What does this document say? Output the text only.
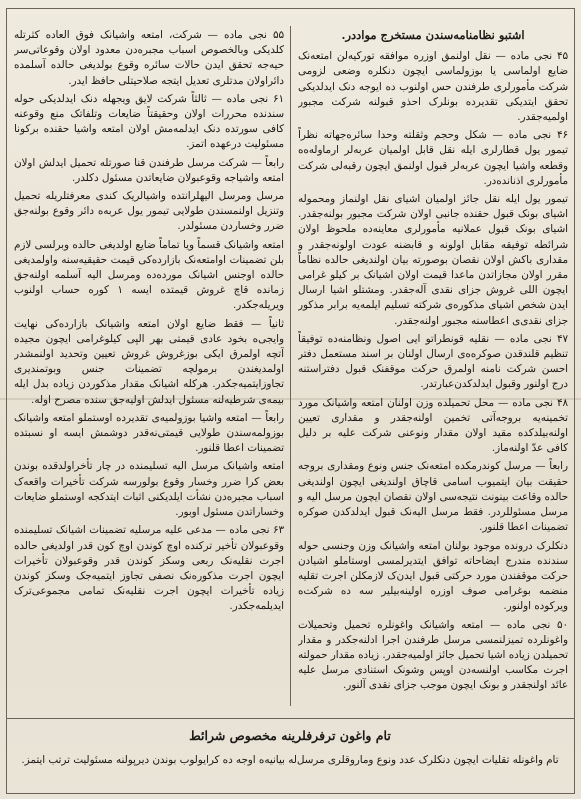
اشتبو نظامنامه‌سندن مستخرج موادد‌ر.

۴۵ نجی ماده — نقل اولنمق اوزره موافقه تورکیه‌لن امتعه‌نک ضایع اولماسی یا بوزولماسی ایچون دنکلره وضعی لزومی شرکت مأمورلری طرفندن حس اولنوب ده ایوجه دنک ایدلدیکی تحقق ایتدیکی تقدیرده بونلرک احذو قبولنه شرکت مجبور اولمیه‌جقدر.

۴۶ نجی ماده — شکل وحجم وثقلته وحدا سائره‌جهاته نظراً تیمور یول قطارلری ایله نقل قابل اولمیان عربه‌لر ارماوله‌ه‌ه وقطعه واشیا ایچون عربه‌لر قبول اولنمق ایچون رقبه‌لی شرکت مأمورلری اذنانده‌در.

تیمور یول ایله نقل جائز اولمیان اشیای نقل اولنماز ومحموله اشیای بونک قبول حقنده جانبی اولان شرکت مجبور بولنه‌جقدر. اشیای بونک قبول عملانیه مأمورلری معاینه‌ده ملحوظ اولان شرائطه توفیقه مقابل اولونه و قابضنه عودت اولونه‌جقدر و مقداری باکش اولان نقصان بوصورته بیان اولندیغی حالده نظاماً مقرر اولان مجازاتدن ماعدا قیمت اولان اشیانک بر کیلو غرامی ایچون اللی غروش جزای نقدی آله‌جقدر. ومشتلو اشیا ارسال ایدن شخص اشیای مذکوره‌ی شرکته تسلیم ایلمه‌یه برابر مذکور جزای نقدی‌ی اعطاسنه مجبور اولنه‌جقدر.

۴۷ نجی ماده — نقلیه قونطراتو ایی اصول ونظامنه‌ده توفیقاً تنظیم قلندقدن صوکره‌ه‌ی ارسال اولنان بر اسند مستعمل دفتر احسن شرکت نامنه اولمرق حرکت موقفنک قبول دفتراستنه درج اولنور وقبول ایدلدکدن‌عبارتدر.

۴۸ نجی ماده — محل تحمیلده وزن اولنان امتعه واشیانک مورد تخمینه‌یه بروجه‌آتی تخمین اولنه‌جقدر و مقداری تعیین اولنه‌بیلدکده مقید اولان مقدار ونوعنی شرکت علیه بر دلیل کافی عدّ اولنه‌ماز.

رابعاً — مرسل کوندرمکده امتعه‌نک جنس ونوع ومقداری بروجه حقیقت بیان ایتمیوب اسامی قاچاق اولندیغی ایچون اولندیغی حالده وقاعت بینونت نتیجه‌سی اولان نقصان ایچون مرسل الیه و مرسل مسئوللردر. فقط مرسل الیه‌نک قبول ایدلدکدن صوکره تضمینات اعطا قلنور.

دنکلرک درونده موجود بولنان امتعه واشیانک وزن وجنسی حوله سندنده مندرج ایضاحاته توافق ایتدیرلمسی اوستاملو اشیادن حرکت موقفندن مورد حرکتی قبول ایدن‌ک لازمکلن اجرت تقلیه منضمه بوغرامی صوف اوزره اولینه‌بیلیر سه ده شرکت‌ه ویرکوده اولنور.

۵۰ نجی ماده — امتعه واشیانک واغونلره تحمیل وتحمیلات واغونلرده تمیزلنمسی مرسل طرفندن اجرا ادلنه‌جکدر و مقدار تحمیلدن زیاده اشیا تحمیل جائز اولمیه‌جقدر. زیاده مقدار حمولته اجرت مکاسب اولنسه‌دن اوپس وشونک استنادی مرسل علیه عائد اولنجقدر و بونک ایچون موجب جزای نقدی آلنور.

۵۵ نجی ماده — شرکت، امتعه واشیانک فوق العاده کثرتله کلدیکی وبالخصوص اسباب مجبره‌دن معدود اولان وقوعاتی‌سر حیه‌جه تحقق ایدن حالات سائره وقوع بولدیغی حالده آسلمده دائراولان مدتلری تعدیل ایتجه صلاحیتلی حافظ ایدر.

۶۱ نجی ماده — ثالثاً شرکت لایق ویجهله دنک ایدلدیکی حوله سندنده محررات اولان وحقیقتاً ضایعات وتلفاتک منع وقوعنه کافی سورتده دنک ایدلمه‌مش اولان امتعه واشیا حقنده برکونا مسئولیت درعهده اتمز.

رابعاً — شرکت مرسل طرفندن قنا صورتله تحمیل ایدلش اولان امتعه واشیاجه وقوعبولان ضایعاتدن مسئول دکلدر.

مرسل ومرسل الیهلرانتده واشیالریک کندی معرفتلریله تحمیل وتنزیل اولنمسندن طولایی تیمور یول عربه‌ه دائر وقوع بولنه‌جق ضرر وخساردن مسئولدر.

امتعه واشیانک قسماً ویا تماماً ضایع اولدیغی حالده وبرلسی لازم بلن تضمینات اوامتعه‌نک بازارده‌کی قیمت حقیقیه‌سنه واولمدیغی حالده اوجنس اشیانک مورده‌ده ومرسل الیه آسلمه اولنه‌جق زمانده قاچ غروش قیمتده ایسه ۱ کوره حساب اولنوب ویریله‌جکدر.

ثانیاً — فقط ضایع اولان امتعه واشیانک بازارده‌کی نهایت وایجی‌ه بخود عادی قیمتی بهر الپی کیلوغرامی ایچون مجیده آتچه اولمرق ایکی بوزغروش غروش تعیین وتحدید اولنمشدر اولمدیغندن برمولچه تضمینات جنس وبوتمندیری تجاوزایتمیه‌جکدر. هرکله اشیانک مقدار مذکوردن زیاده بدل ایله بیمه‌ی شرطیه‌لنه مسئول ایدلش اولیه‌جق سنده مصرح اوله.

رابعاً — امتعه واشیا بوزولمیه‌ی تقدیرده اوستملو امتعه واشیانک بوزولمه‌سندن طولایی قیمتی‌نه‌قدر دوشمش ایسه او نسبتده تضمینات اعطا قلنور.

امتعه واشیانک مرسل الیه تسلیمنده در چار تأخراولدقده بوندن بعض کرا ضرر وخسار وقوع بولورسه شرکت تأخیرات واقعه‌ک اسباب مجبره‌دن نشأت ایلدیکنی اثبات ایتدکجه اوستملو ضایعات وخساراتدن مسئول اوبور.

۶۳ نجی ماده — مدعی علیه مرسلیه تضمینات اشیانک تسلیمنده وقوعبولان تأخیر ترکنده اوچ کوندن اوچ کون قدر اولدیغی حالده اجرت نقلیه‌نک ربعی وسکز کوندن قدر وقوعبولان تأخیرات ایچون اجرت مذکوره‌نک نصفی تجاوز ایتمیه‌جک وسکز کوندن زیاده تأخیرات ایچون اجرت نقلیه‌نک تمامی مجموعی‌ترک ایدیلمه‌جکدر.

تام واغون ترفرفلرینه مخصوص شرائط
تام واغونله تقلیات ایچون دنکلرک عدد ونوع وماروقلری مرسل‌له بیانیه‌ه اوجه ده کرایولوب بوندن دیرپولنه مسئولیت ترتب ایتمز.
